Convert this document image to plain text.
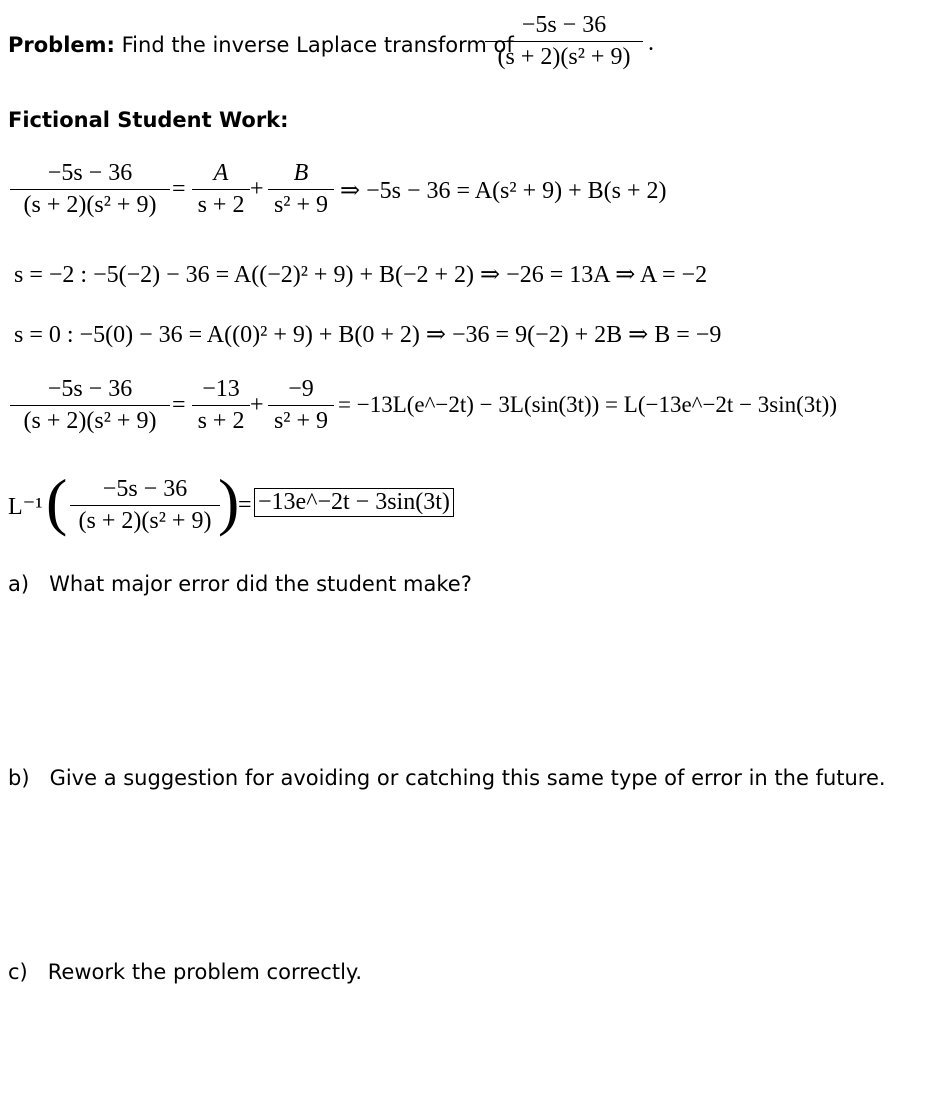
Problem: Find the inverse Laplace transform of
−5s − 36
(s + 2)(s² + 9)
.
Fictional Student Work:
−5s − 36
(s + 2)(s² + 9)
=
A
s + 2
+
B
s² + 9
⇒ −5s − 36 = A(s² + 9) + B(s + 2)
s = −2 : −5(−2) − 36 = A((−2)² + 9) + B(−2 + 2) ⇒ −26 = 13A ⇒ A = −2
s = 0 : −5(0) − 36 = A((0)² + 9) + B(0 + 2) ⇒ −36 = 9(−2) + 2B ⇒ B = −9
−5s − 36
(s + 2)(s² + 9)
=
−13
s + 2
+
−9
s² + 9
= −13L(e^−2t) − 3L(sin(3t)) = L(−13e^−2t − 3sin(3t))
L⁻¹ (	−5s − 36
(s + 2)(s² + 9) )
= −13e^−2t − 3sin(3t)
a) What major error did the student make?
b) Give a suggestion for avoiding or catching this same type of error in the future.
c) Rework the problem correctly.
